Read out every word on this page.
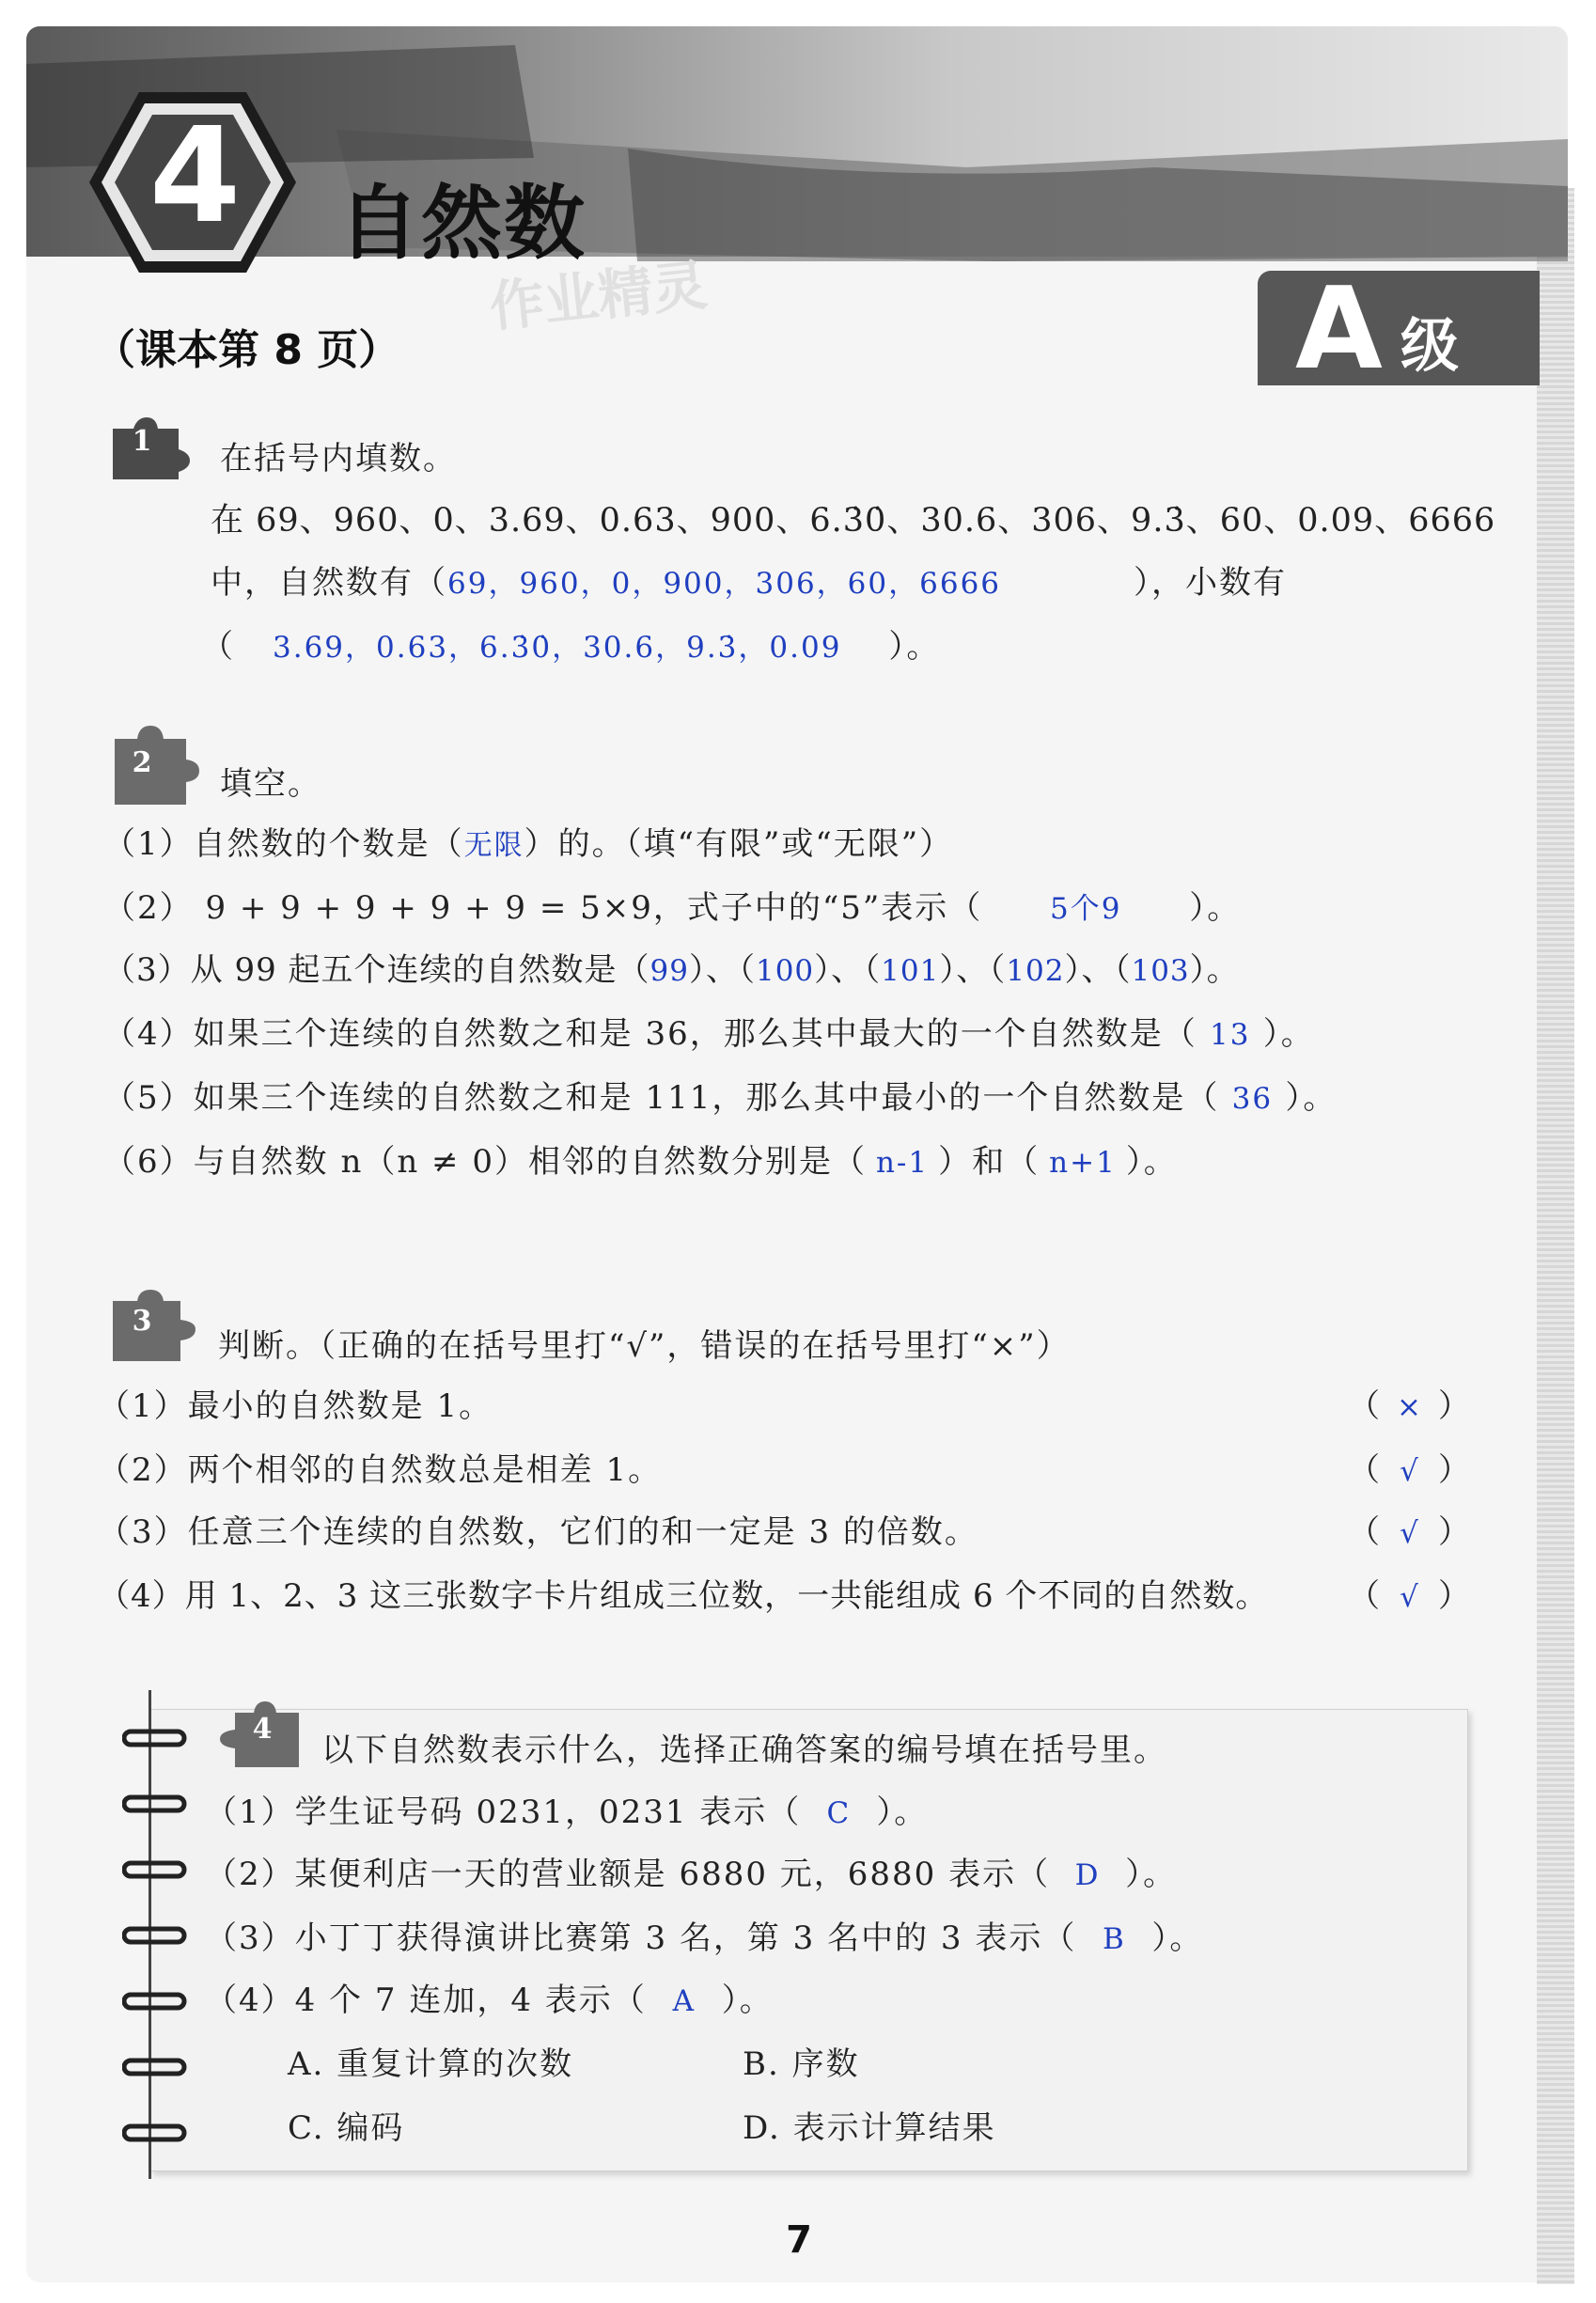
4 自然数
作业精灵
（课本第 8 页）	A 级
1	在括号内填数。
在 69、960、0、3.69、0.63、900、6.3̇0̇、30.6、306、9.3̇、60、0.09、6666
中，自然数有（69，960，0，900，306，60，6666	），小数有
（ 3.69，0.63，6.3̇0̇，30.6，9.3̇，0.09 ）。
2
填空。
（1）自然数的个数是（无限）的。（填“有限”或“无限”）
（2） 9 + 9 + 9 + 9 + 9 = 5×9，式子中的“5”表示（ 5个9 ）。
（3）从 99 起五个连续的自然数是（99）、（100）、（101）、（102）、（103）。
（4）如果三个连续的自然数之和是 36，那么其中最大的一个自然数是（ 13 ）。
（5）如果三个连续的自然数之和是 111，那么其中最小的一个自然数是（ 36 ）。
（6）与自然数 n（n ≠ 0）相邻的自然数分别是（ n-1 ）和（ n+1 ）。
3
判断。（正确的在括号里打“√”，错误的在括号里打“×”）
（1）最小的自然数是 1。	（ × ）
（2）两个相邻的自然数总是相差 1。	（ √ ）
（3）任意三个连续的自然数，它们的和一定是 3 的倍数。	（ √ ）
（4）用 1、2、3 这三张数字卡片组成三位数，一共能组成 6 个不同的自然数。 （ √ ）
4
以下自然数表示什么，选择正确答案的编号填在括号里。
（1）学生证号码 0231，0231 表示（ C ）。
（2）某便利店一天的营业额是 6880 元，6880 表示（ D ）。
（3）小丁丁获得演讲比赛第 3 名，第 3 名中的 3 表示（ B ）。
（4）4 个 7 连加，4 表示（ A ）。
A. 重复计算的次数	B. 序数
C. 编码	D. 表示计算结果
7
